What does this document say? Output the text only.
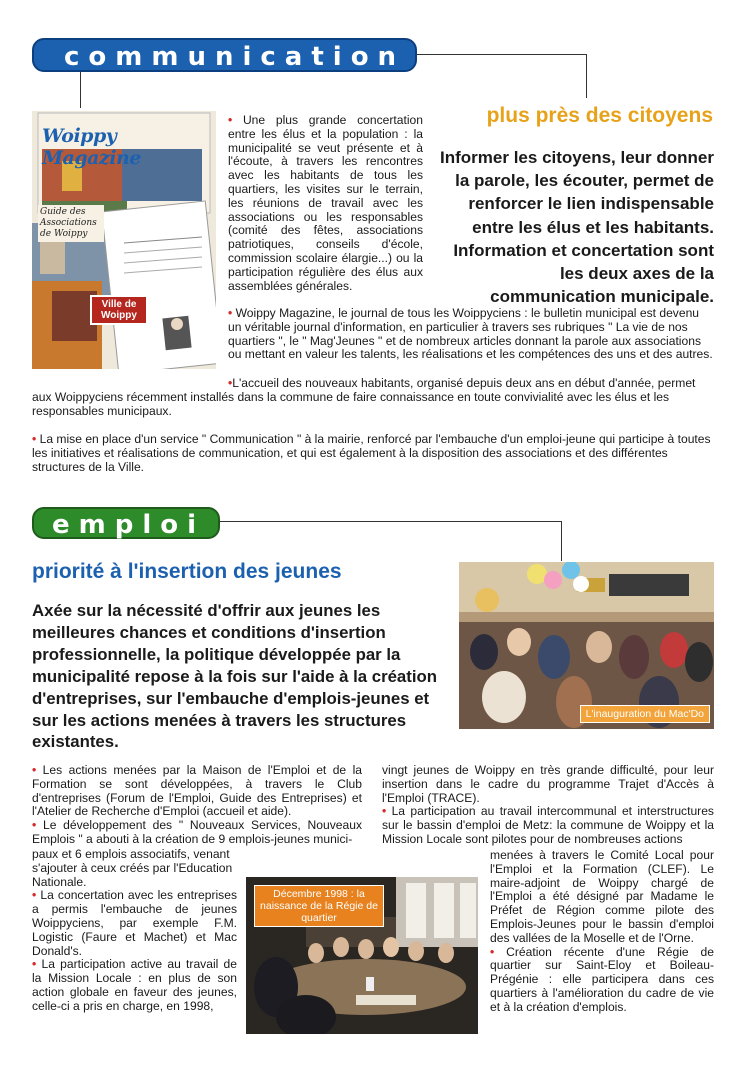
communication
Woippy Magazine
Guide des Associations de Woippy
Ville de Woippy
• Une plus grande concertation entre les élus et la population : la municipalité se veut présente et à l'écoute, à travers les rencontres avec les habitants de tous les quartiers, les visites sur le terrain, les réunions de travail avec les associations ou les responsables (comité des fêtes, associations patriotiques, conseils d'école, commission scolaire élargie...) ou la participation régulière des élus aux assemblées générales.
plus près des citoyens
Informer les citoyens, leur donner la parole, les écouter, permet de renforcer le lien indispensable entre les élus et les habitants. Information et concertation sont les deux axes de la communication municipale.
• Woippy Magazine, le journal de tous les Woippyciens : le bulletin municipal est devenu un véritable journal d'information, en particulier à travers ses rubriques " La vie de nos quartiers ", le " Mag'Jeunes " et de nombreux articles donnant la parole aux associations ou mettant en valeur les talents, les réalisations et les compétences des uns et des autres.
•L'accueil des nouveaux habitants, organisé depuis deux ans en début d'année, permet aux Woippyciens récemment installés dans la commune de faire connaissance en toute convivialité avec les élus et les responsables municipaux.
• La mise en place d'un service " Communication " à la mairie, renforcé par l'embauche d'un emploi-jeune qui participe à toutes les initiatives et réalisations de communication, et qui est également à la disposition des associations et des différentes structures de la Ville.
emploi
priorité à l'insertion des jeunes
Axée sur la nécessité d'offrir aux jeunes les meilleures chances et conditions d'insertion professionnelle, la politique développée par la municipalité repose à la fois sur l'aide à la création d'entreprises, sur l'embauche d'emplois-jeunes et sur les actions menées à travers les structures existantes.
L'inauguration du Mac'Do
• Les actions menées par la Maison de l'Emploi et de la Formation se sont développées, à travers le Club d'entreprises (Forum de l'Emploi, Guide des Entreprises) et l'Atelier de Recherche d'Emploi (accueil et aide).
• Le développement des " Nouveaux Services, Nouveaux Emplois " a abouti à la création de 9 emplois-jeunes munici-
paux et 6 emplois associatifs, venant s'ajouter à ceux créés par l'Education Nationale.
• La concertation avec les entreprises a permis l'embauche de jeunes Woippyciens, par exemple F.M. Logistic (Faure et Machet) et Mac Donald's.
• La participation active au travail de la Mission Locale : en plus de son action globale en faveur des jeunes, celle-ci a pris en charge, en 1998,
Décembre 1998 : la naissance de la Régie de quartier
vingt jeunes de Woippy en très grande difficulté, pour leur insertion dans le cadre du programme Trajet d'Accès à l'Emploi (TRACE).
• La participation au travail intercommunal et interstructures sur le bassin d'emploi de Metz: la commune de Woippy et la Mission Locale sont pilotes pour de nombreuses actions
menées à travers le Comité Local pour l'Emploi et la Formation (CLEF). Le maire-adjoint de Woippy chargé de l'Emploi a été désigné par Madame le Préfet de Région comme pilote des Emplois-Jeunes pour le bassin d'emploi des vallées de la Moselle et de l'Orne.
• Création récente d'une Régie de quartier sur Saint-Eloy et Boileau-Prégénie : elle participera dans ces quartiers à l'amélioration du cadre de vie et à la création d'emplois.
